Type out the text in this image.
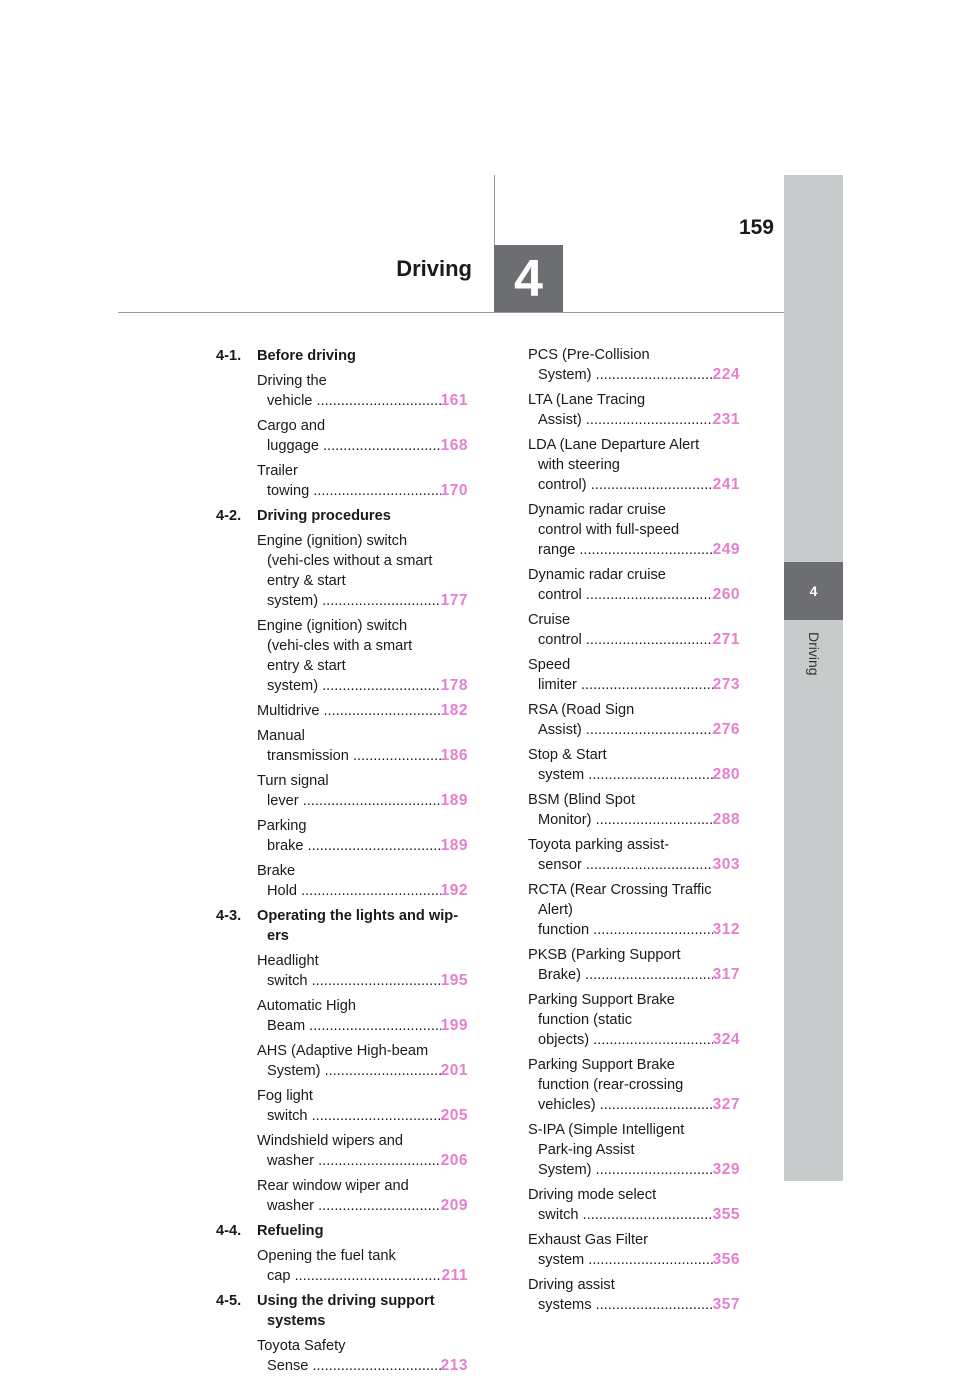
4
Driving
159
4
Driving
4-1.	Before driving
Driving the vehicle .....	161
Cargo and luggage .....	168
Trailer towing .....	170
4-2.	Driving procedures
Engine (ignition) switch (vehi-cles without a smart entry & start system) .....	177
Engine (ignition) switch (vehi-cles with a smart entry & start system) .....	178
Multidrive .....	182
Manual transmission .....	186
Turn signal lever .....	189
Parking brake .....	189
Brake Hold .....	192
4-3.	Operating the lights and wip-ers
Headlight switch .....	195
Automatic High Beam .....	199
AHS (Adaptive High-beam System) .....	201
Fog light switch .....	205
Windshield wipers and washer .....	206
Rear window wiper and washer .....	209
4-4.	Refueling
Opening the fuel tank cap .....	211
4-5.	Using the driving support systems
Toyota Safety Sense .....	213
PCS (Pre-Collision System) .....	224
LTA (Lane Tracing Assist) .....	231
LDA (Lane Departure Alert with steering control) .....	241
Dynamic radar cruise control with full-speed range .....	249
Dynamic radar cruise control .....	260
Cruise control .....	271
Speed limiter .....	273
RSA (Road Sign Assist) .....	276
Stop & Start system .....	280
BSM (Blind Spot Monitor) .....	288
Toyota parking assist-sensor .....	303
RCTA (Rear Crossing Traffic Alert) function .....	312
PKSB (Parking Support Brake) .....	317
Parking Support Brake function (static objects) .....	324
Parking Support Brake function (rear-crossing vehicles) .....	327
S-IPA (Simple Intelligent Park-ing Assist System) .....	329
Driving mode select switch .....	355
Exhaust Gas Filter system .....	356
Driving assist systems .....	357
